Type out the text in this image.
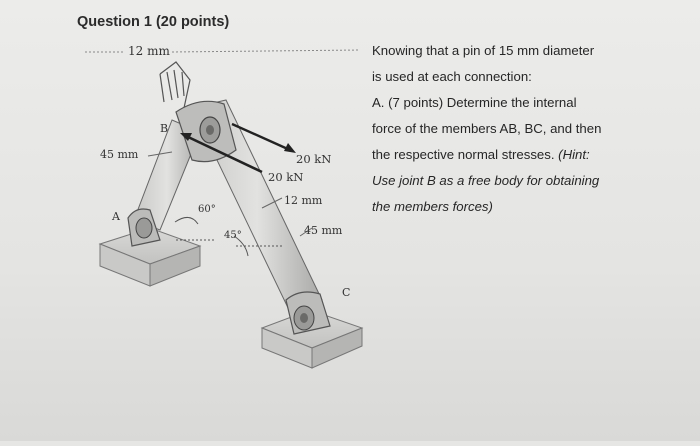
Question 1 (20 points)
12 mm
45 mm	20 kN
20 kN
12 mm
45 mm
60°
45°
A
B
C

Knowing that a pin of 15 mm diameter

is used at each connection:

A. (7 points) Determine the internal

force of the members AB, BC, and then

the respective normal stresses. (Hint:

Use joint B as a free body for obtaining

the members forces)
